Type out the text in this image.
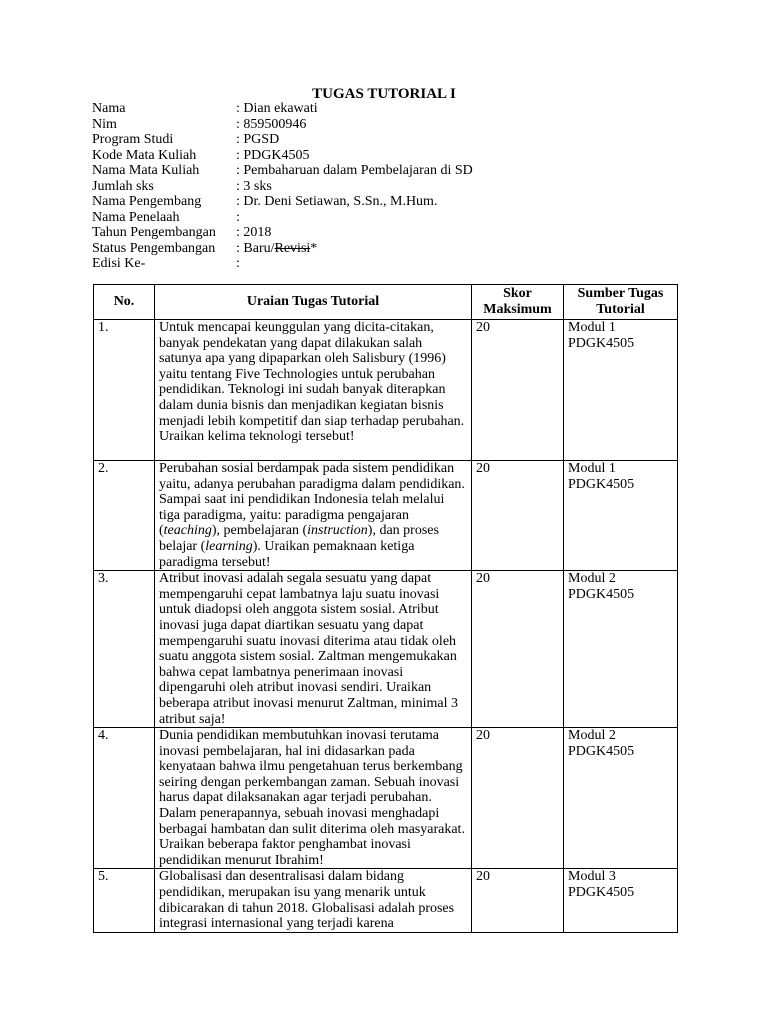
TUGAS TUTORIAL I
Nama	: Dian ekawati
Nim	: 859500946
Program Studi	: PGSD
Kode Mata Kuliah	: PDGK4505
Nama Mata Kuliah	: Pembaharuan dalam Pembelajaran di SD
Jumlah sks	: 3 sks
Nama Pengembang	: Dr. Deni Setiawan, S.Sn., M.Hum.
Nama Penelaah	:
Tahun Pengembangan	: 2018
Status Pengembangan	: Baru/Revisi*
Edisi Ke-	:
No.	Uraian Tugas Tutorial	Skor Maksimum	Sumber Tugas Tutorial
1.	Untuk mencapai keunggulan yang dicita-citakan, banyak pendekatan yang dapat dilakukan salah satunya apa yang dipaparkan oleh Salisbury (1996) yaitu tentang Five Technologies untuk perubahan pendidikan. Teknologi ini sudah banyak diterapkan dalam dunia bisnis dan menjadikan kegiatan bisnis menjadi lebih kompetitif dan siap terhadap perubahan. Uraikan kelima teknologi tersebut!	20	Modul 1
PDGK4505

2.	Perubahan sosial berdampak pada sistem pendidikan yaitu, adanya perubahan paradigma dalam pendidikan. Sampai saat ini pendidikan Indonesia telah melalui tiga paradigma, yaitu: paradigma pengajaran (teaching), pembelajaran (instruction), dan proses belajar (learning). Uraikan pemaknaan ketiga paradigma tersebut!	20	Modul 1
PDGK4505

3.	Atribut inovasi adalah segala sesuatu yang dapat mempengaruhi cepat lambatnya laju suatu inovasi untuk diadopsi oleh anggota sistem sosial. Atribut inovasi juga dapat diartikan sesuatu yang dapat mempengaruhi suatu inovasi diterima atau tidak oleh suatu anggota sistem sosial. Zaltman mengemukakan bahwa cepat lambatnya penerimaan inovasi dipengaruhi oleh atribut inovasi sendiri. Uraikan beberapa atribut inovasi menurut Zaltman, minimal 3 atribut saja!	20	Modul 2
PDGK4505

4.	Dunia pendidikan membutuhkan inovasi terutama inovasi pembelajaran, hal ini didasarkan pada kenyataan bahwa ilmu pengetahuan terus berkembang seiring dengan perkembangan zaman. Sebuah inovasi harus dapat dilaksanakan agar terjadi perubahan. Dalam penerapannya, sebuah inovasi menghadapi berbagai hambatan dan sulit diterima oleh masyarakat. Uraikan beberapa faktor penghambat inovasi pendidikan menurut Ibrahim!	20	Modul 2
PDGK4505

5.	Globalisasi dan desentralisasi dalam bidang pendidikan, merupakan isu yang menarik untuk dibicarakan di tahun 2018. Globalisasi adalah proses integrasi internasional yang terjadi karena	20	Modul 3
PDGK4505
